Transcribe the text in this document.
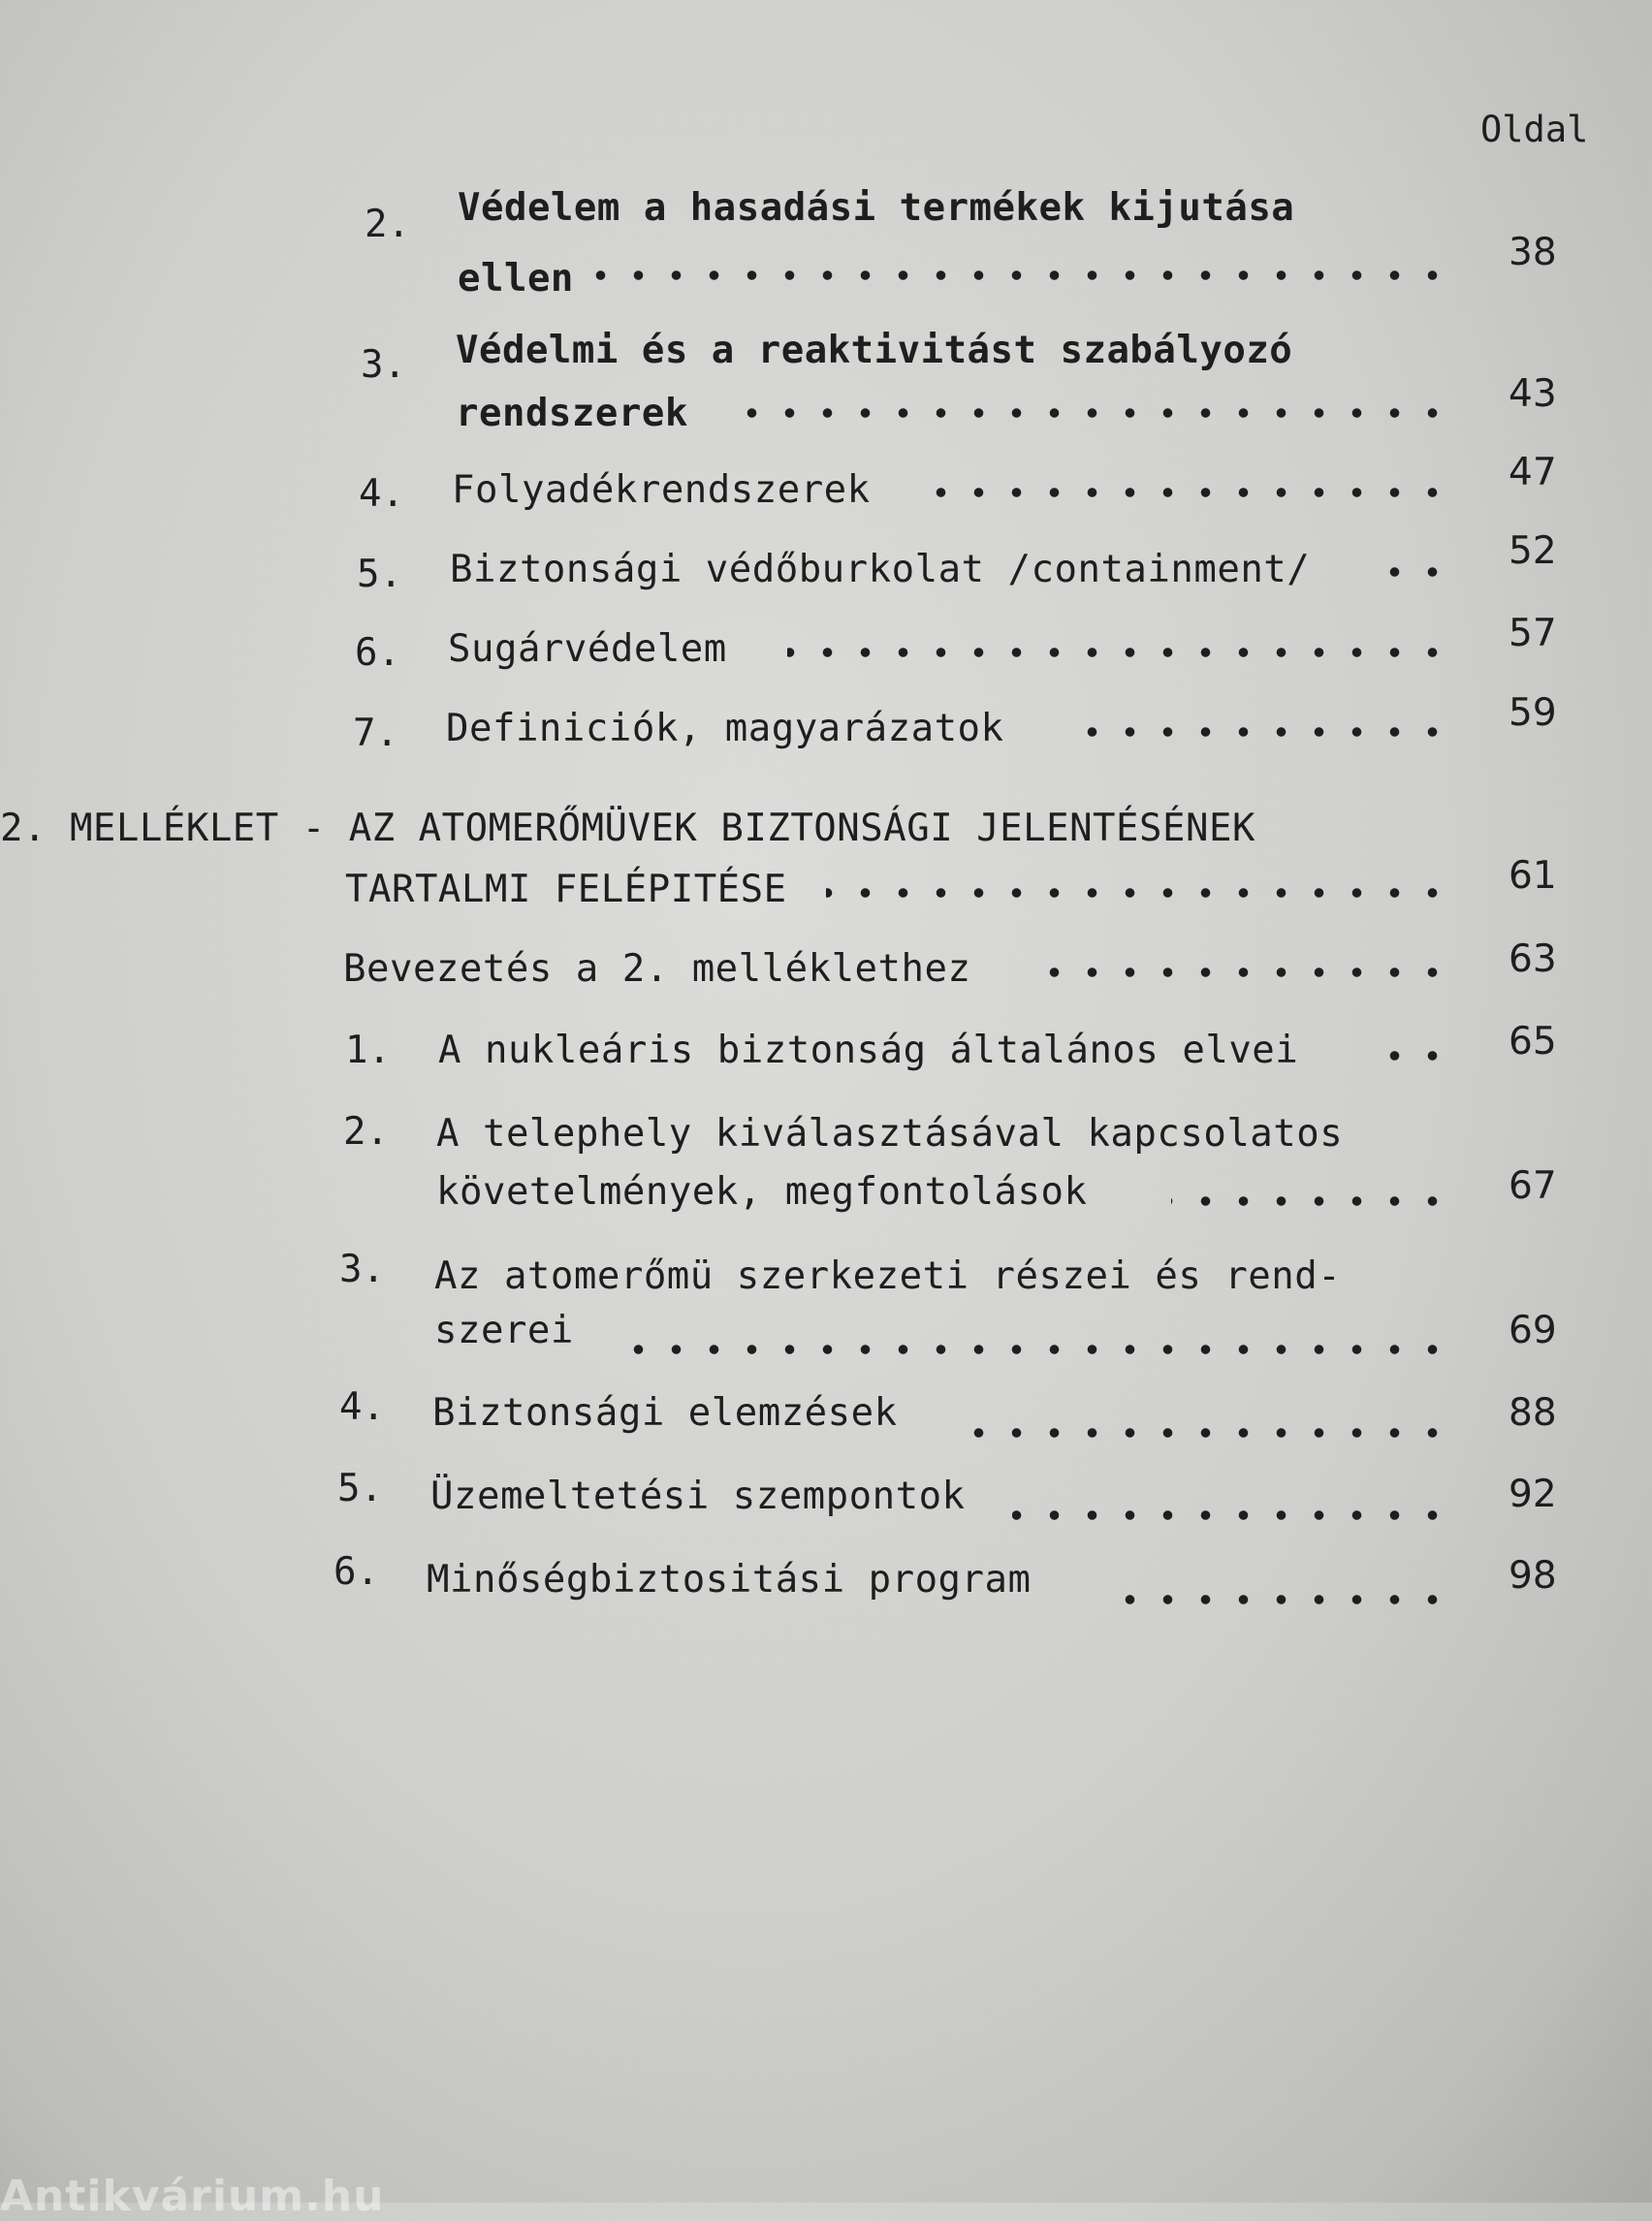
Oldal
2. Védelem a hasadási termékek kijutása
ellen
38
3. Védelmi és a reaktivitást szabályozó
rendszerek	43
4. Folyadékrendszerek	47
5. Biztonsági védőburkolat /containment/	52
6. Sugárvédelem	57
7. Definiciók, magyarázatok	59
2. MELLÉKLET - AZ ATOMERŐMÜVEK BIZTONSÁGI JELENTÉSÉNEK
TARTALMI FELÉPITÉSE	61
Bevezetés a 2. melléklethez	63
1. A nukleáris biztonság általános elvei	65
2. A telephely kiválasztásával kapcsolatos
követelmények, megfontolások	67
3. Az atomerőmü szerkezeti részei és rend-
szerei	69
4. Biztonsági elemzések	88
5. Üzemeltetési szempontok	92
6. Minőségbiztositási program	98
Antikvárium.hu
